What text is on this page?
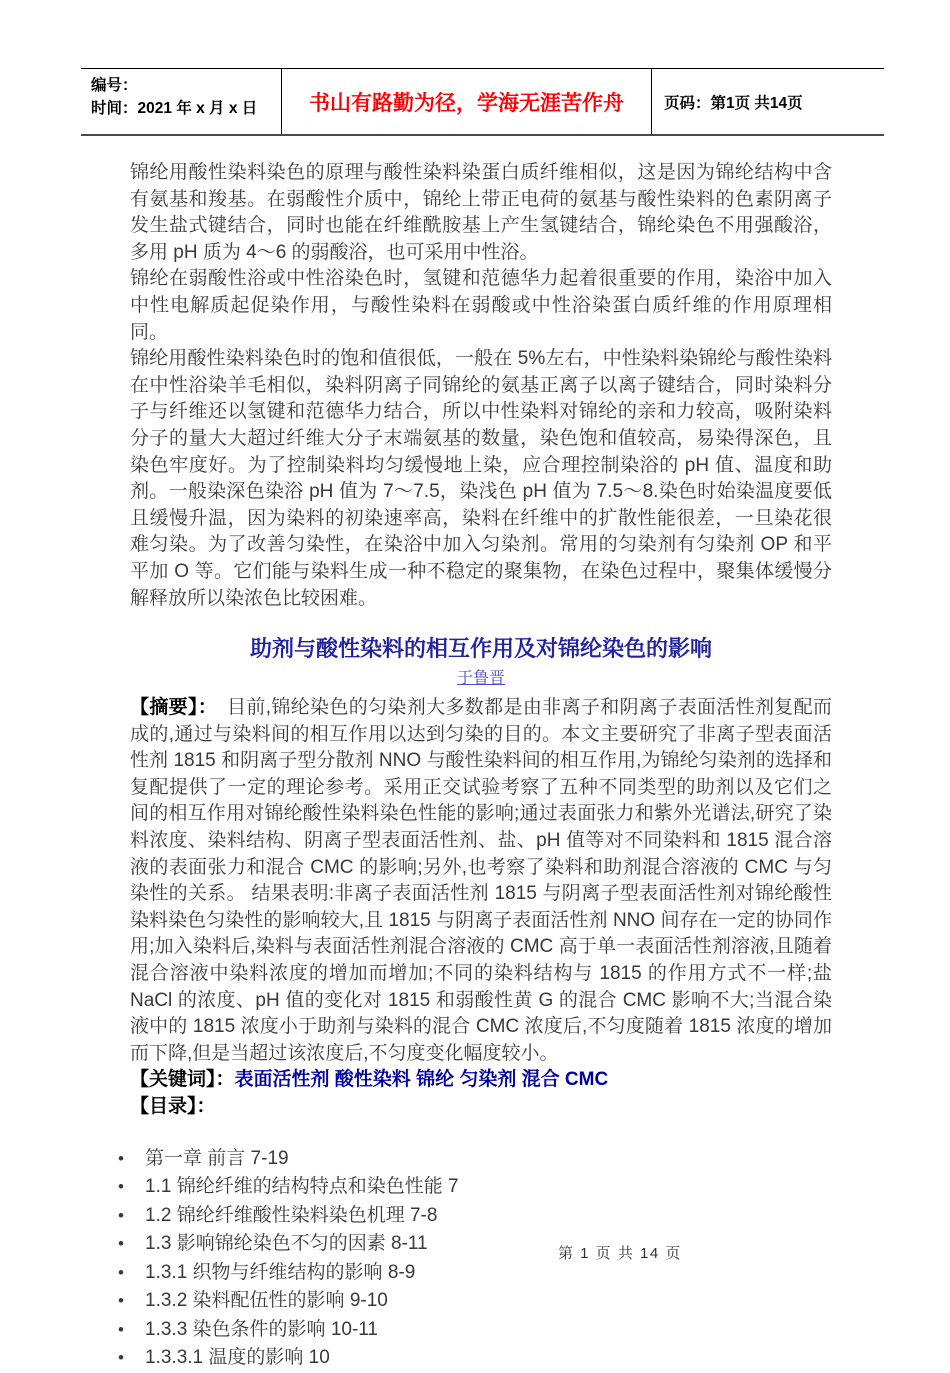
编号：
时间：2021 年 x 月 x 日	书山有路勤为径，学海无涯苦作舟	页码：第1页 共14页

锦纶用酸性染料染色的原理与酸性染料染蛋白质纤维相似，这是因为锦纶结构中含有氨基和羧基。在弱酸性介质中，锦纶上带正电荷的氨基与酸性染料的色素阴离子发生盐式键结合，同时也能在纤维酰胺基上产生氢键结合，锦纶染色不用强酸浴，多用 pH 质为 4～6 的弱酸浴，也可采用中性浴。

锦纶在弱酸性浴或中性浴染色时，氢键和范德华力起着很重要的作用，染浴中加入中性电解质起促染作用，与酸性染料在弱酸或中性浴染蛋白质纤维的作用原理相同。

锦纶用酸性染料染色时的饱和值很低，一般在 5%左右，中性染料染锦纶与酸性染料在中性浴染羊毛相似，染料阴离子同锦纶的氨基正离子以离子键结合，同时染料分子与纤维还以氢键和范德华力结合，所以中性染料对锦纶的亲和力较高，吸附染料分子的量大大超过纤维大分子末端氨基的数量，染色饱和值较高，易染得深色，且染色牢度好。为了控制染料均匀缓慢地上染，应合理控制染浴的 pH 值、温度和助剂。一般染深色染浴 pH 值为 7～7.5，染浅色 pH 值为 7.5～8.染色时始染温度要低且缓慢升温，因为染料的初染速率高，染料在纤维中的扩散性能很差，一旦染花很难匀染。为了改善匀染性，在染浴中加入匀染剂。常用的匀染剂有匀染剂 OP 和平平加 O 等。它们能与染料生成一种不稳定的聚集物，在染色过程中，聚集体缓慢分解释放所以染浓色比较困难。

助剂与酸性染料的相互作用及对锦纶染色的影响
于鲁晋

【摘要】：　目前,锦纶染色的匀染剂大多数都是由非离子和阴离子表面活性剂复配而成的,通过与染料间的相互作用以达到匀染的目的。本文主要研究了非离子型表面活性剂 1815 和阴离子型分散剂 NNO 与酸性染料间的相互作用,为锦纶匀染剂的选择和复配提供了一定的理论参考。采用正交试验考察了五种不同类型的助剂以及它们之间的相互作用对锦纶酸性染料染色性能的影响;通过表面张力和紫外光谱法,研究了染料浓度、染料结构、阴离子型表面活性剂、盐、pH 值等对不同染料和 1815 混合溶液的表面张力和混合 CMC 的影响;另外,也考察了染料和助剂混合溶液的 CMC 与匀染性的关系。 结果表明:非离子表面活性剂 1815 与阴离子型表面活性剂对锦纶酸性染料染色匀染性的影响较大,且 1815 与阴离子表面活性剂 NNO 间存在一定的协同作用;加入染料后,染料与表面活性剂混合溶液的 CMC 高于单一表面活性剂溶液,且随着混合溶液中染料浓度的增加而增加;不同的染料结构与 1815 的作用方式不一样;盐 NaCl 的浓度、pH 值的变化对 1815 和弱酸性黄 G 的混合 CMC 影响不大;当混合染液中的 1815 浓度小于助剂与染料的混合 CMC 浓度后,不匀度随着 1815 浓度的增加而下降,但是当超过该浓度后,不匀度变化幅度较小。

【关键词】：表面活性剂 酸性染料 锦纶 匀染剂 混合 CMC

【目录】：

• 第一章 前言 7-19
• 1.1 锦纶纤维的结构特点和染色性能 7
• 1.2 锦纶纤维酸性染料染色机理 7-8
• 1.3 影响锦纶染色不匀的因素 8-11
• 1.3.1 织物与纤维结构的影响 8-9
• 1.3.2 染料配伍性的影响 9-10
• 1.3.3 染色条件的影响 10-11
• 1.3.3.1 温度的影响 10
第 1 页 共 14 页
